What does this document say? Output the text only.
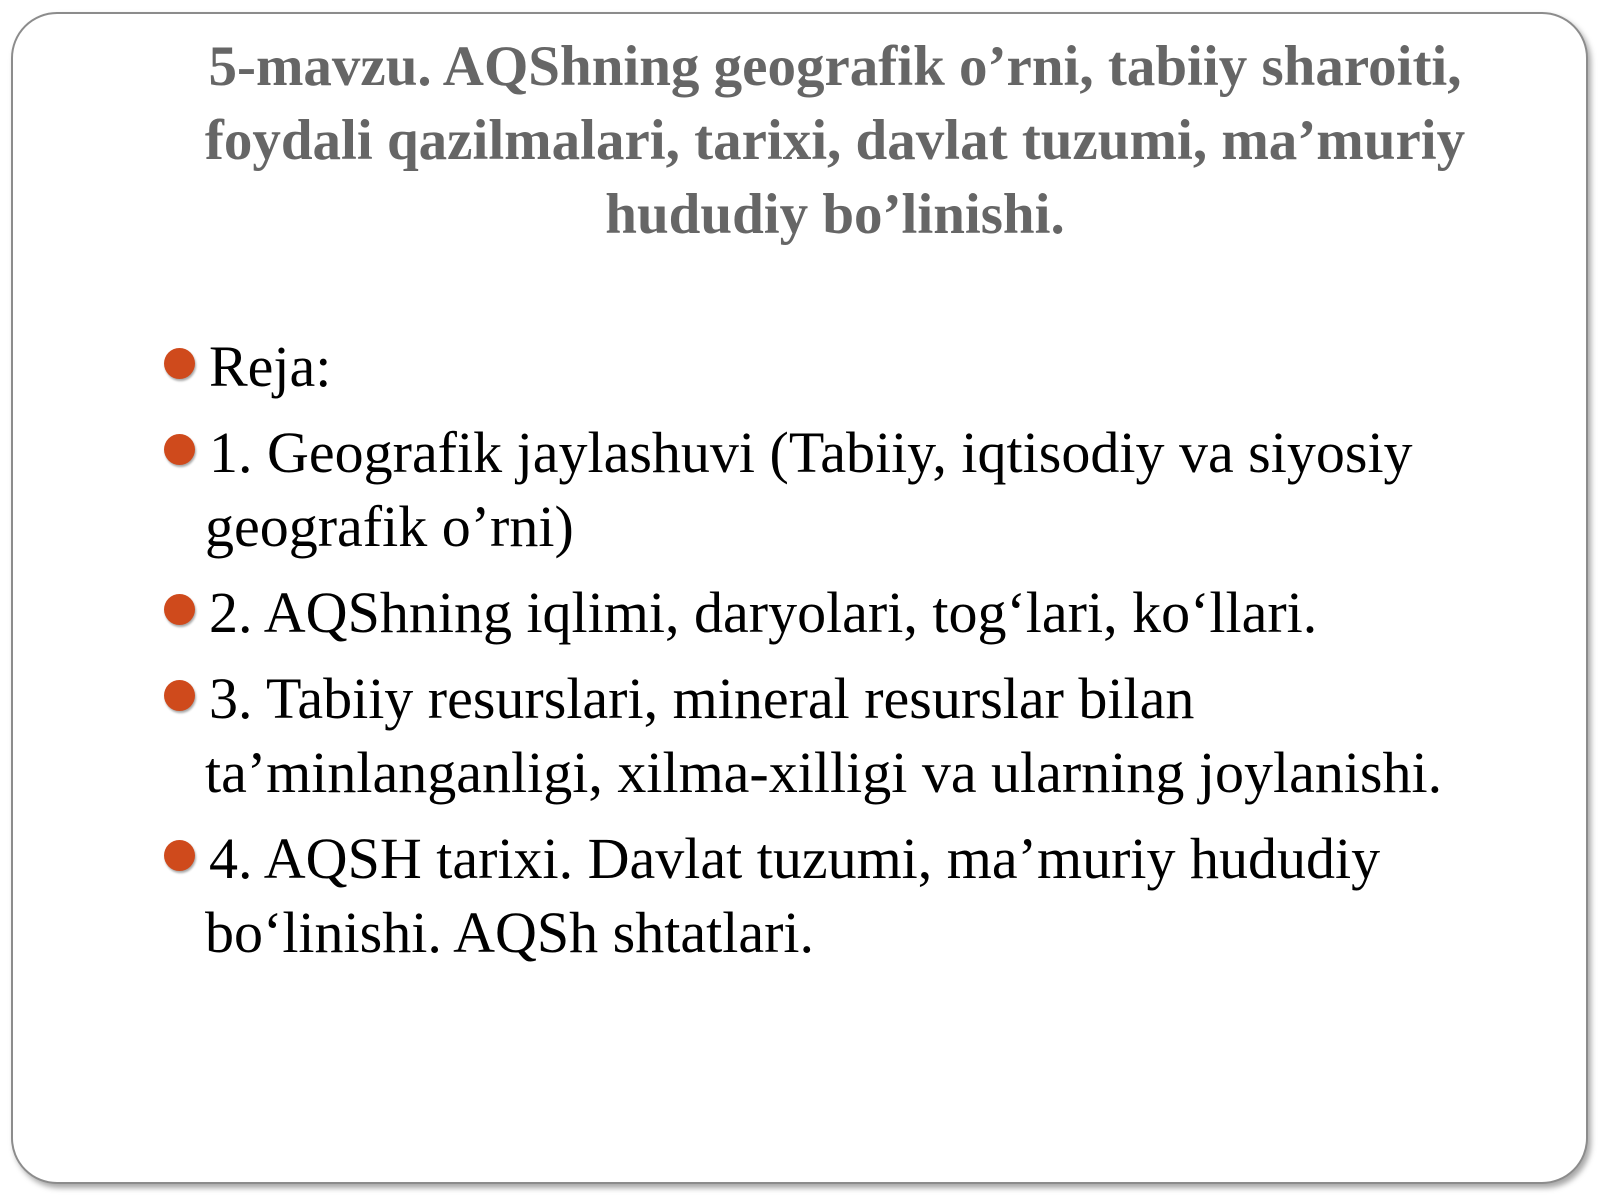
5-mavzu. AQShning geografik o’rni, tabiiy sharoiti, foydali qazilmalari, tarixi, davlat tuzumi, ma’muriy hududiy bo’linishi.
Reja:
1. Geografik jaylashuvi (Tabiiy, iqtisodiy va siyosiy geografik o’rni)
2. AQShning iqlimi, daryolari, tog‘lari, ko‘llari.
3. Tabiiy resurslari, mineral resurslar bilan ta’minlanganligi, xilma-xilligi va ularning joylanishi.
4. AQSH tarixi. Davlat tuzumi, ma’muriy hududiy bo‘linishi. AQSh shtatlari.
